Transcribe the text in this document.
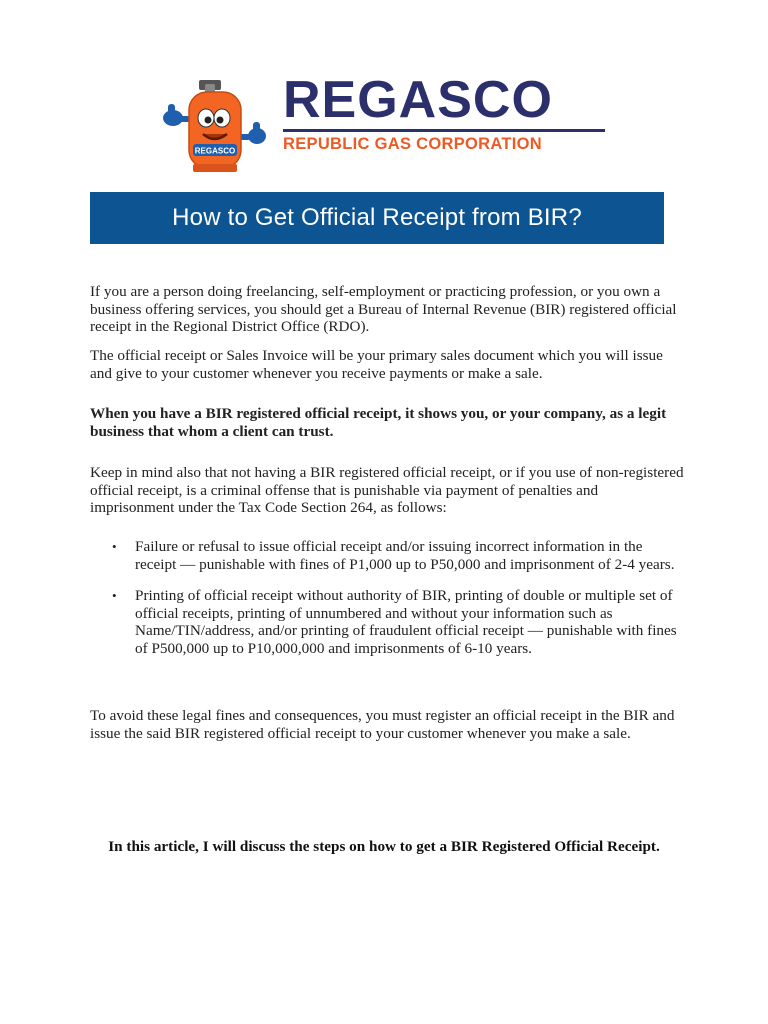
REGASCO
REGASCO
REPUBLIC GAS CORPORATION
How to Get Official Receipt from BIR?

If you are a person doing freelancing, self-employment or practicing profession, or you own a business offering services, you should get a Bureau of Internal Revenue (BIR) registered official receipt in the Regional District Office (RDO).

The official receipt or Sales Invoice will be your primary sales document which you will issue and give to your customer whenever you receive payments or make a sale.

When you have a BIR registered official receipt, it shows you, or your company, as a legit business that whom a client can trust.

Keep in mind also that not having a BIR registered official receipt, or if you use of non-registered official receipt, is a criminal offense that is punishable via payment of penalties and imprisonment under the Tax Code Section 264, as follows:

• Failure or refusal to issue official receipt and/or issuing incorrect information in the receipt — punishable with fines of P1,000 up to P50,000 and imprisonment of 2-4 years.
• Printing of official receipt without authority of BIR, printing of double or multiple set of official receipts, printing of unnumbered and without your information such as Name/TIN/address, and/or printing of fraudulent official receipt — punishable with fines of P500,000 up to P10,000,000 and imprisonments of 6-10 years.

To avoid these legal fines and consequences, you must register an official receipt in the BIR and issue the said BIR registered official receipt to your customer whenever you make a sale.

In this article, I will discuss the steps on how to get a BIR Registered Official Receipt.
